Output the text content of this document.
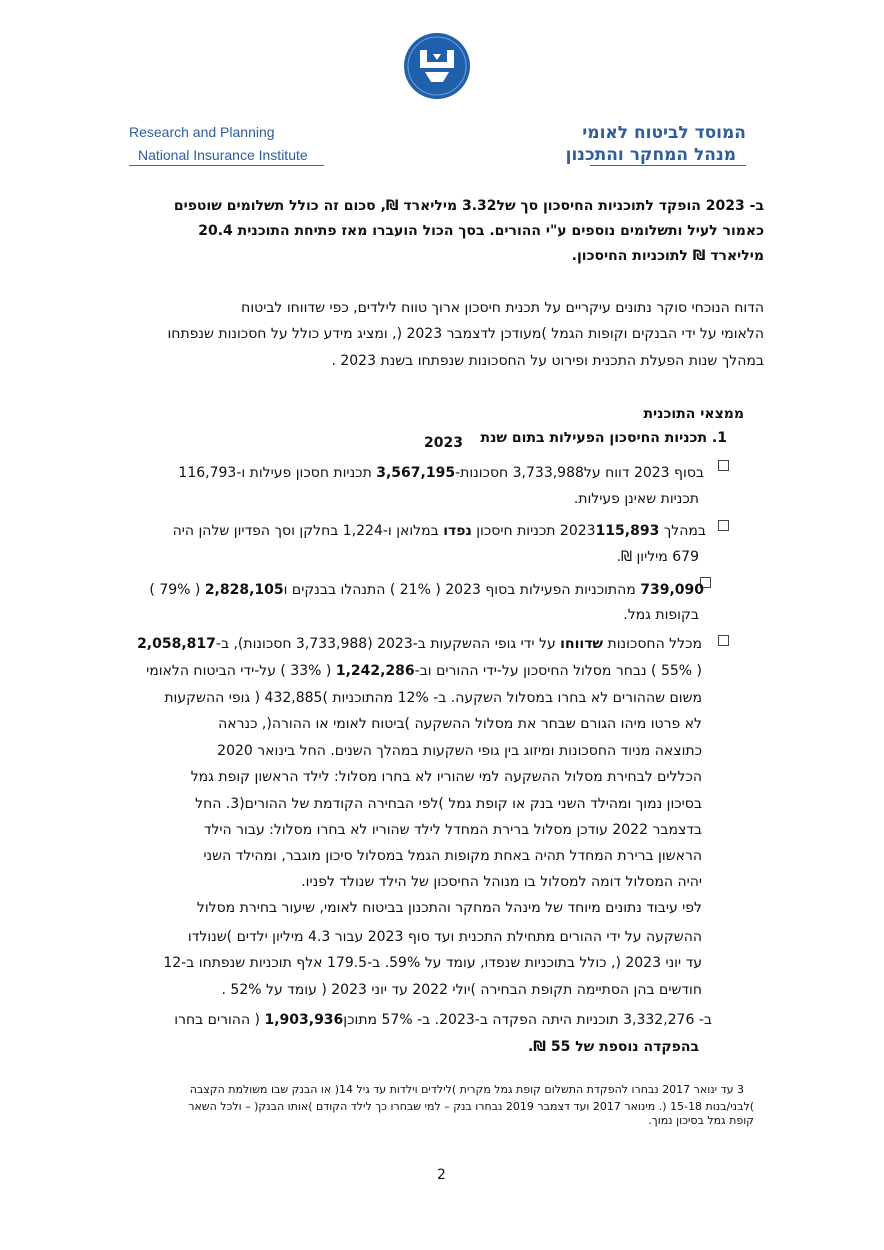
Research and Planning
National Insurance Institute
המוסד לביטוח לאומי
מנהל המחקר והתכנון
ב- 2023 הופקד לתוכניות החיסכון סך של3.32 מיליארד ₪, סכום זה כולל תשלומים שוטפים
כאמור לעיל ותשלומים נוספים ע"י ההורים. בסך הכול הועברו מאז פתיחת התוכנית 20.4
מיליארד ₪ לתוכניות החיסכון.
הדוח הנוכחי סוקר נתונים עיקריים על תכנית חיסכון ארוך טווח לילדים, כפי שדווחו לביטוח
הלאומי על ידי הבנקים וקופות הגמל )מעודכן לדצמבר 2023 (, ומציג מידע כולל על חסכונות שנפתחו
במהלך שנות הפעלת התכנית ופירוט על החסכונות שנפתחו בשנת 2023 .
ממצאי התוכנית
1. תכניות החיסכון הפעילות בתום שנת
2023
בסוף 2023 דווח על3,733,988 חסכונות-3,567,195 תכניות חסכון פעילות ו-116,793
תכניות שאינן פעילות.
במהלך 2023115,893 תכניות חיסכון נפדו במלואן ו-1,224 בחלקן וסך הפדיון שלהן היה
679 מיליון ₪.
739,090 מהתוכניות הפעילות בסוף 2023 ( 21% ) התנהלו בבנקים ו2,828,105 ( 79% )
בקופות גמל.
מכלל החסכונות שדווחו על ידי גופי ההשקעות ב-2023 (3,733,988 חסכונות), ב-2,058,817
( 55% ) נבחר מסלול החיסכון על-ידי ההורים וב-1,242,286 ( 33% ) על-ידי הביטוח הלאומי
משום שההורים לא בחרו במסלול השקעה. ב- 12% מהתוכניות )432,885 ( גופי ההשקעות
לא פרטו מיהו הגורם שבחר את מסלול ההשקעה )ביטוח לאומי או ההורה(, כנראה
כתוצאה מניוד החסכונות ומיזוג בין גופי השקעות במהלך השנים. החל בינואר 2020
הכללים לבחירת מסלול ההשקעה למי שהוריו לא בחרו מסלול: לילד הראשון קופת גמל
בסיכון נמוך ומהילד השני בנק או קופת גמל )לפי הבחירה הקודמת של ההורים(3. החל
בדצמבר 2022 עודכן מסלול ברירת המחדל לילד שהוריו לא בחרו מסלול: עבור הילד
הראשון ברירת המחדל תהיה באחת מקופות הגמל במסלול סיכון מוגבר, ומהילד השני
יהיה המסלול דומה למסלול בו מנוהל החיסכון של הילד שנולד לפניו.
לפי עיבוד נתונים מיוחד של מינהל המחקר והתכנון בביטוח לאומי, שיעור בחירת מסלול
ההשקעה על ידי ההורים מתחילת התכנית ועד סוף 2023 עבור 4.3 מיליון ילדים )שנולדו
עד יוני 2023 (, כולל בתוכניות שנפדו, עומד על 59%. ב-179.5 אלף תוכניות שנפתחו ב-12
חודשים בהן הסתיימה תקופת הבחירה )יולי 2022 עד יוני 2023 ( עומד על 52% .
ב- 3,332,276 תוכניות היתה הפקדה ב-2023. ב- 57% מתוכן1,903,936 ( ההורים בחרו
בהפקדה נוספת של 55 ₪.
3 עד ינואר 2017 נבחרו להפקדת התשלום קופת גמל מקרית )לילדים וילדות עד גיל 14( או הבנק שבו משולמת הקצבה
)לבני/בנות 15-18 (. מינואר 2017 ועד דצמבר 2019 נבחרו בנק – למי שבחרו כך לילד הקודם )אותו הבנק( – ולכל השאר
קופת גמל בסיכון נמוך.
2
